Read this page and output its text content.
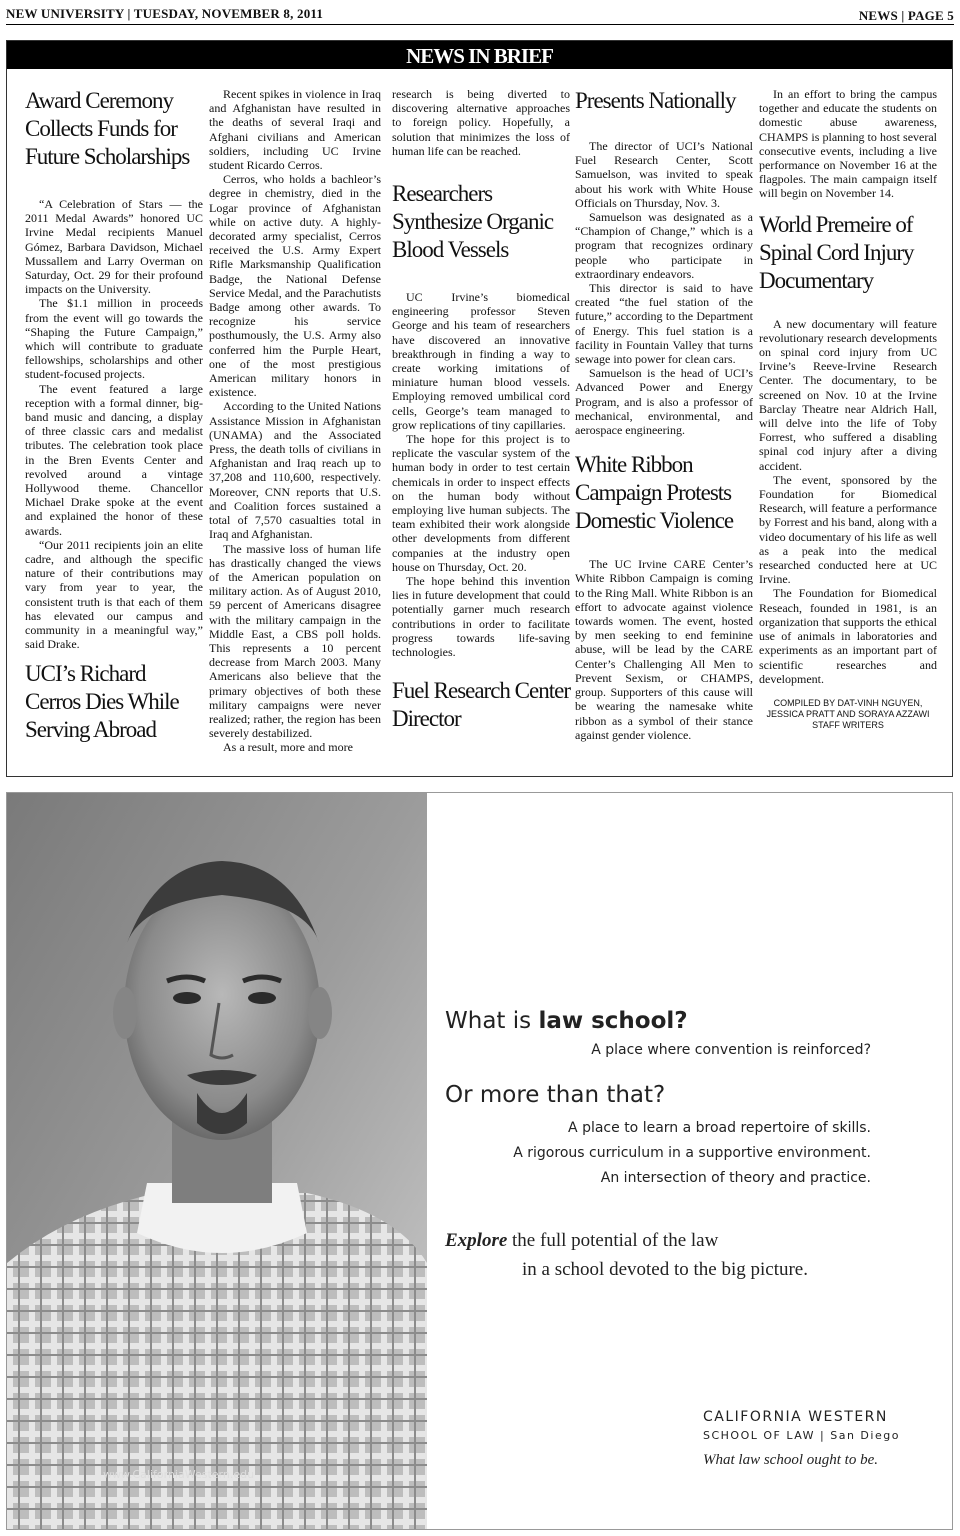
NEW UNIVERSITY | TUESDAY, NOVEMBER 8, 2011	NEWS | PAGE 5
NEWS IN BRIEF
Award Ceremony Collects Funds for Future Scholarships

“A Celebration of Stars — the 2011 Medal Awards” honored UC Irvine Medal recipients Manuel Gómez, Barbara Davidson, Michael Mussallem and Larry Overman on Saturday, Oct. 29 for their profound impacts on the University.

The $1.1 million in proceeds from the event will go towards the “Shaping the Future Campaign,” which will contribute to graduate fellowships, scholarships and other student-focused projects.

The event featured a large reception with a formal dinner, big-band music and dancing, a display of three classic cars and medalist tributes. The celebration took place in the Bren Events Center and revolved around a vintage Hollywood theme. Chancellor Michael Drake spoke at the event and explained the honor of these awards.

“Our 2011 recipients join an elite cadre, and although the specific nature of their contributions may vary from year to year, the consistent truth is that each of them has elevated our campus and community in a meaningful way,” said Drake.

UCI’s Richard Cerros Dies While Serving Abroad

Recent spikes in violence in Iraq and Afghanistan have resulted in the deaths of several Iraqi and Afghani civilians and American soldiers, including UC Irvine student Ricardo Cerros.

Cerros, who holds a bachleor’s degree in chemistry, died in the Logar province of Afghanistan while on active duty. A highly-decorated army specialist, Cerros received the U.S. Army Expert Rifle Marksmanship Qualification Badge, the National Defense Service Medal, and the Parachutists Badge among other awards. To recognize his service posthumously, the U.S. Army also conferred him the Purple Heart, one of the most prestigious American military honors in existence.

According to the United Nations Assistance Mission in Afghanistan (UNAMA) and the Associated Press, the death tolls of civilians in Afghanistan and Iraq reach up to 37,208 and 110,600, respectively. Moreover, CNN reports that U.S. and Coalition forces sustained a total of 7,570 casualties total in Iraq and Afghanistan.

The massive loss of human life has drastically changed the views of the American population on military action. As of August 2010, 59 percent of Americans disagree with the military campaign in the Middle East, a CBS poll holds. This represents a 10 percent decrease from March 2003. Many Americans also believe that the primary objectives of both these military campaigns were never realized; rather, the region has been severely destabilized.

As a result, more and more

research is being diverted to discovering alternative approaches to foreign policy. Hopefully, a solution that minimizes the loss of human life can be reached.

Researchers Synthesize Organic Blood Vessels

UC Irvine’s biomedical engineering professor Steven George and his team of researchers have discovered an innovative breakthrough in finding a way to create working imitations of miniature human blood vessels. Employing removed umbilical cord cells, George’s team managed to grow replications of tiny capillaries.

The hope for this project is to replicate the vascular system of the human body in order to test certain chemicals in order to inspect effects on the human body without employing live human subjects. The team exhibited their work alongside other developments from different companies at the industry open house on Thursday, Oct. 20.

The hope behind this invention lies in future development that could potentially garner much research contributions in order to facilitate progress towards life-saving technologies.

Fuel Research Center Director
Presents Nationally

The director of UCI’s National Fuel Research Center, Scott Samuelson, was invited to speak about his work with White House Officials on Thursday, Nov. 3.

Samuelson was designated as a “Champion of Change,” which is a program that recognizes ordinary people who participate in extraordinary endeavors.

This director is said to have created “the fuel station of the future,” according to the Department of Energy. This fuel station is a facility in Fountain Valley that turns sewage into power for clean cars.

Samuelson is the head of UCI’s Advanced Power and Energy Program, and is also a professor of mechanical, environmental, and aerospace engineering.

White Ribbon Campaign Protests Domestic Violence

The UC Irvine CARE Center’s White Ribbon Campaign is coming to the Ring Mall. White Ribbon is an effort to advocate against violence towards women. The event, hosted by men seeking to end feminine abuse, will be lead by the CARE Center’s Challenging All Men to Prevent Sexism, or CHAMPS, group. Supporters of this cause will be wearing the namesake white ribbon as a symbol of their stance against gender violence.

In an effort to bring the campus together and educate the students on domestic abuse awareness, CHAMPS is planning to host several consecutive events, including a live performance on November 16 at the flagpoles. The main campaign itself will begin on November 14.

World Premeire of Spinal Cord Injury Documentary

A new documentary will feature revolutionary research developments on spinal cord injury from UC Irvine’s Reeve-Irvine Research Center. The documentary, to be screened on Nov. 10 at the Irvine Barclay Theatre near Aldrich Hall, will delve into the life of Toby Forrest, who suffered a disabling spinal cod injury after a diving accident.

The event, sponsored by the Foundation for Biomedical Research, will feature a performance by Forrest and his band, along with a video documentary of his life as well as a peak into the medical researched conducted here at UC Irvine.

The Foundation for Biomedical Reseach, founded in 1981, is an organization that supports the ethical use of animals in laboratories and experiments as an important part of scientific researches and development.

COMPILED BY DAT-VINH NGUYEN,
JESSICA PRATT AND SORAYA AZZAWI
STAFF WRITERS
www.CaliforniaWestern.edu
What is law school?
A place where convention is reinforced?
Or more than that?
A place to learn a broad repertoire of skills.
A rigorous curriculum in a supportive environment.
An intersection of theory and practice.
Explore the full potential of the law
in a school devoted to the big picture.
CALIFORNIA WESTERN
SCHOOL OF LAW | San Diego
What law school ought to be.
